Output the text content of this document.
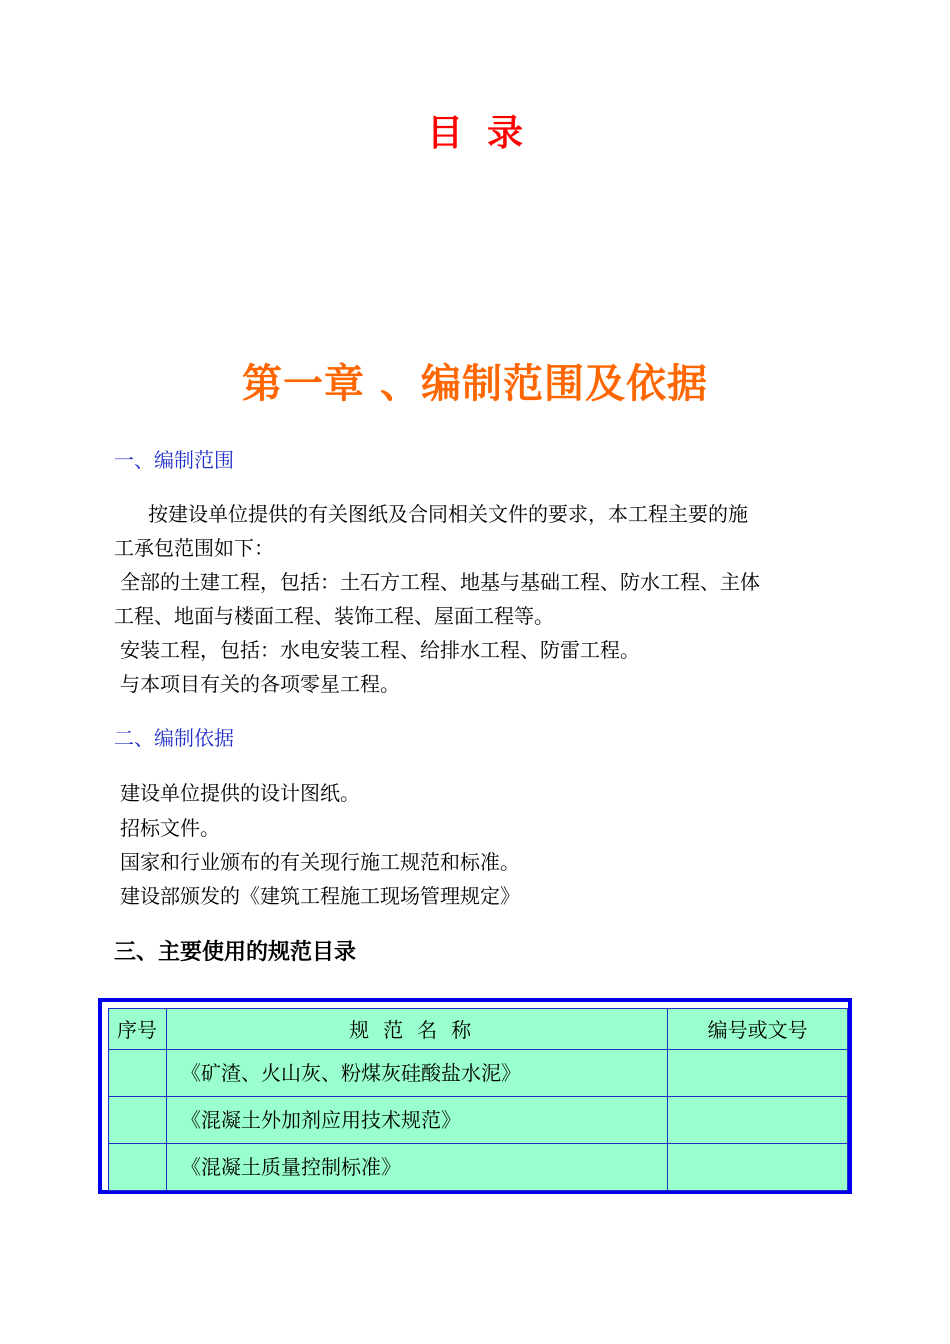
目录
第一章 、编制范围及依据
一、编制范围
按建设单位提供的有关图纸及合同相关文件的要求，本工程主要的施
工承包范围如下：
全部的土建工程，包括：土石方工程、地基与基础工程、防水工程、主体
工程、地面与楼面工程、装饰工程、屋面工程等。
安装工程，包括：水电安装工程、给排水工程、防雷工程。
与本项目有关的各项零星工程。
二、编制依据
建设单位提供的设计图纸。
招标文件。
国家和行业颁布的有关现行施工规范和标准。
建设部颁发的《建筑工程施工现场管理规定》
三、主要使用的规范目录
序号	规范名称	编号或文号
	《矿渣、火山灰、粉煤灰硅酸盐水泥》	
	《混凝土外加剂应用技术规范》	
	《混凝土质量控制标准》	
